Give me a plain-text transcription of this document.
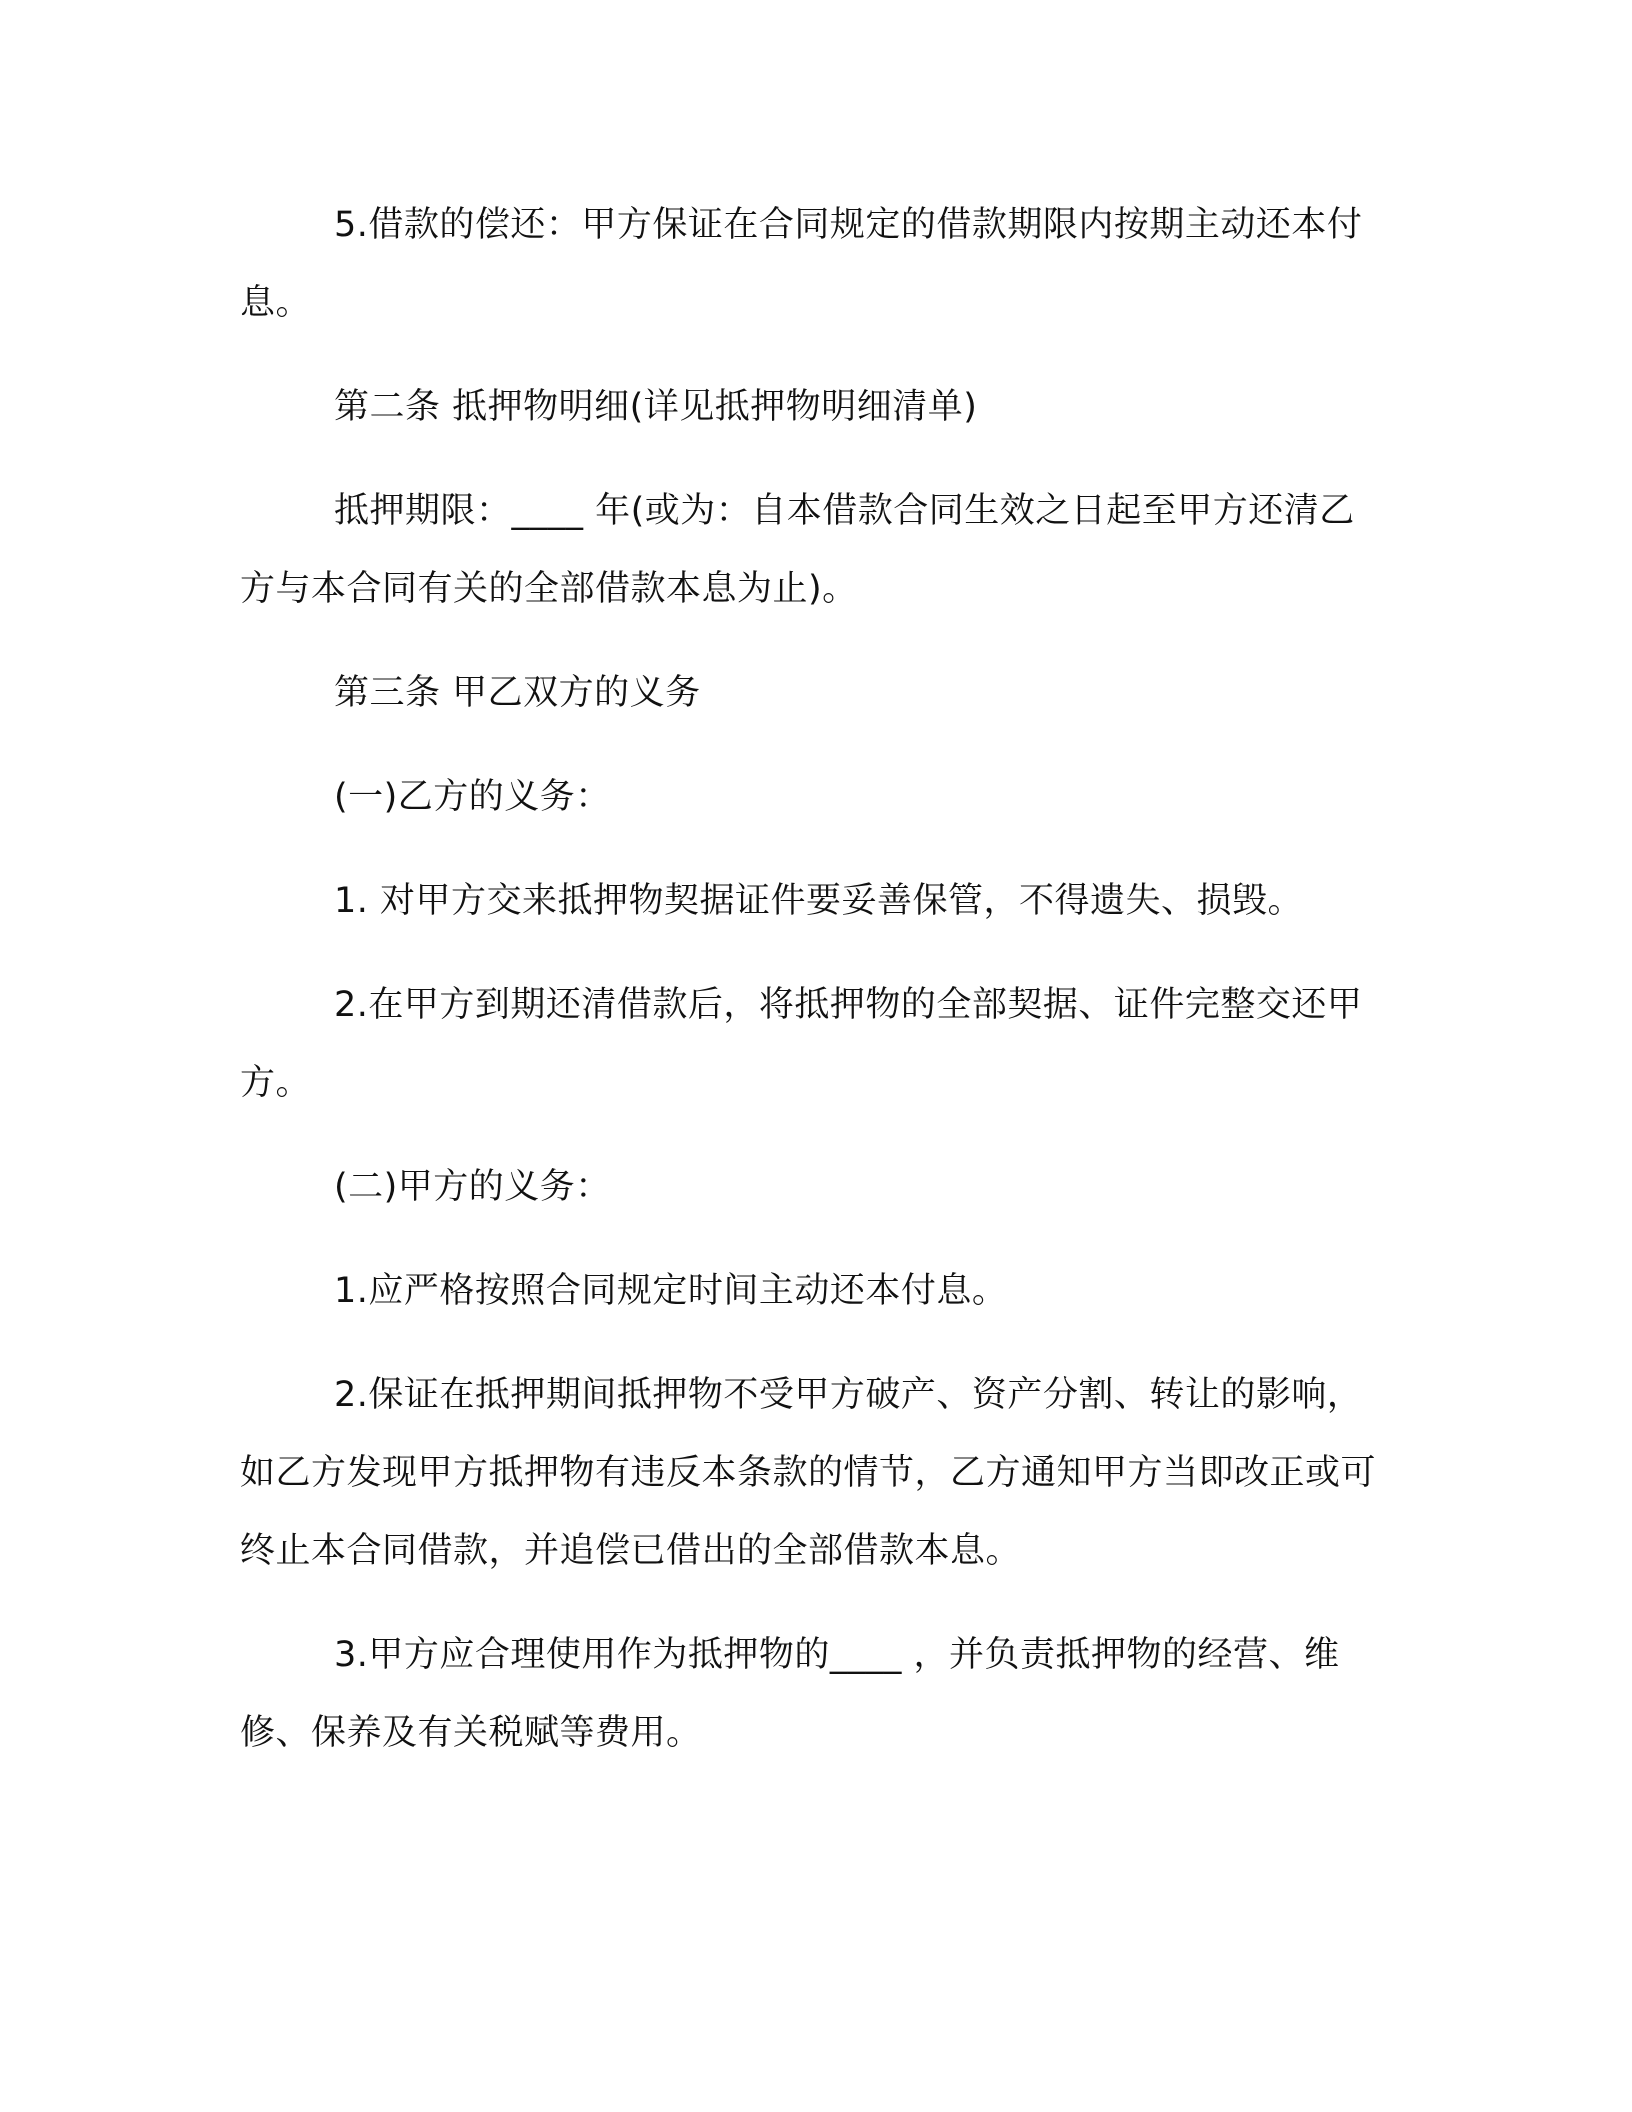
5.借款的偿还：甲方保证在合同规定的借款期限内按期主动还本付息。

第二条 抵押物明细(详见抵押物明细清单)

抵押期限：____ 年(或为：自本借款合同生效之日起至甲方还清乙方与本合同有关的全部借款本息为止)。

第三条 甲乙双方的义务

(一)乙方的义务：

1. 对甲方交来抵押物契据证件要妥善保管，不得遗失、损毁。

2.在甲方到期还清借款后，将抵押物的全部契据、证件完整交还甲方。

(二)甲方的义务：

1.应严格按照合同规定时间主动还本付息。

2.保证在抵押期间抵押物不受甲方破产、资产分割、转让的影响，如乙方发现甲方抵押物有违反本条款的情节，乙方通知甲方当即改正或可终止本合同借款，并追偿已借出的全部借款本息。

3.甲方应合理使用作为抵押物的____ ，并负责抵押物的经营、维修、保养及有关税赋等费用。
